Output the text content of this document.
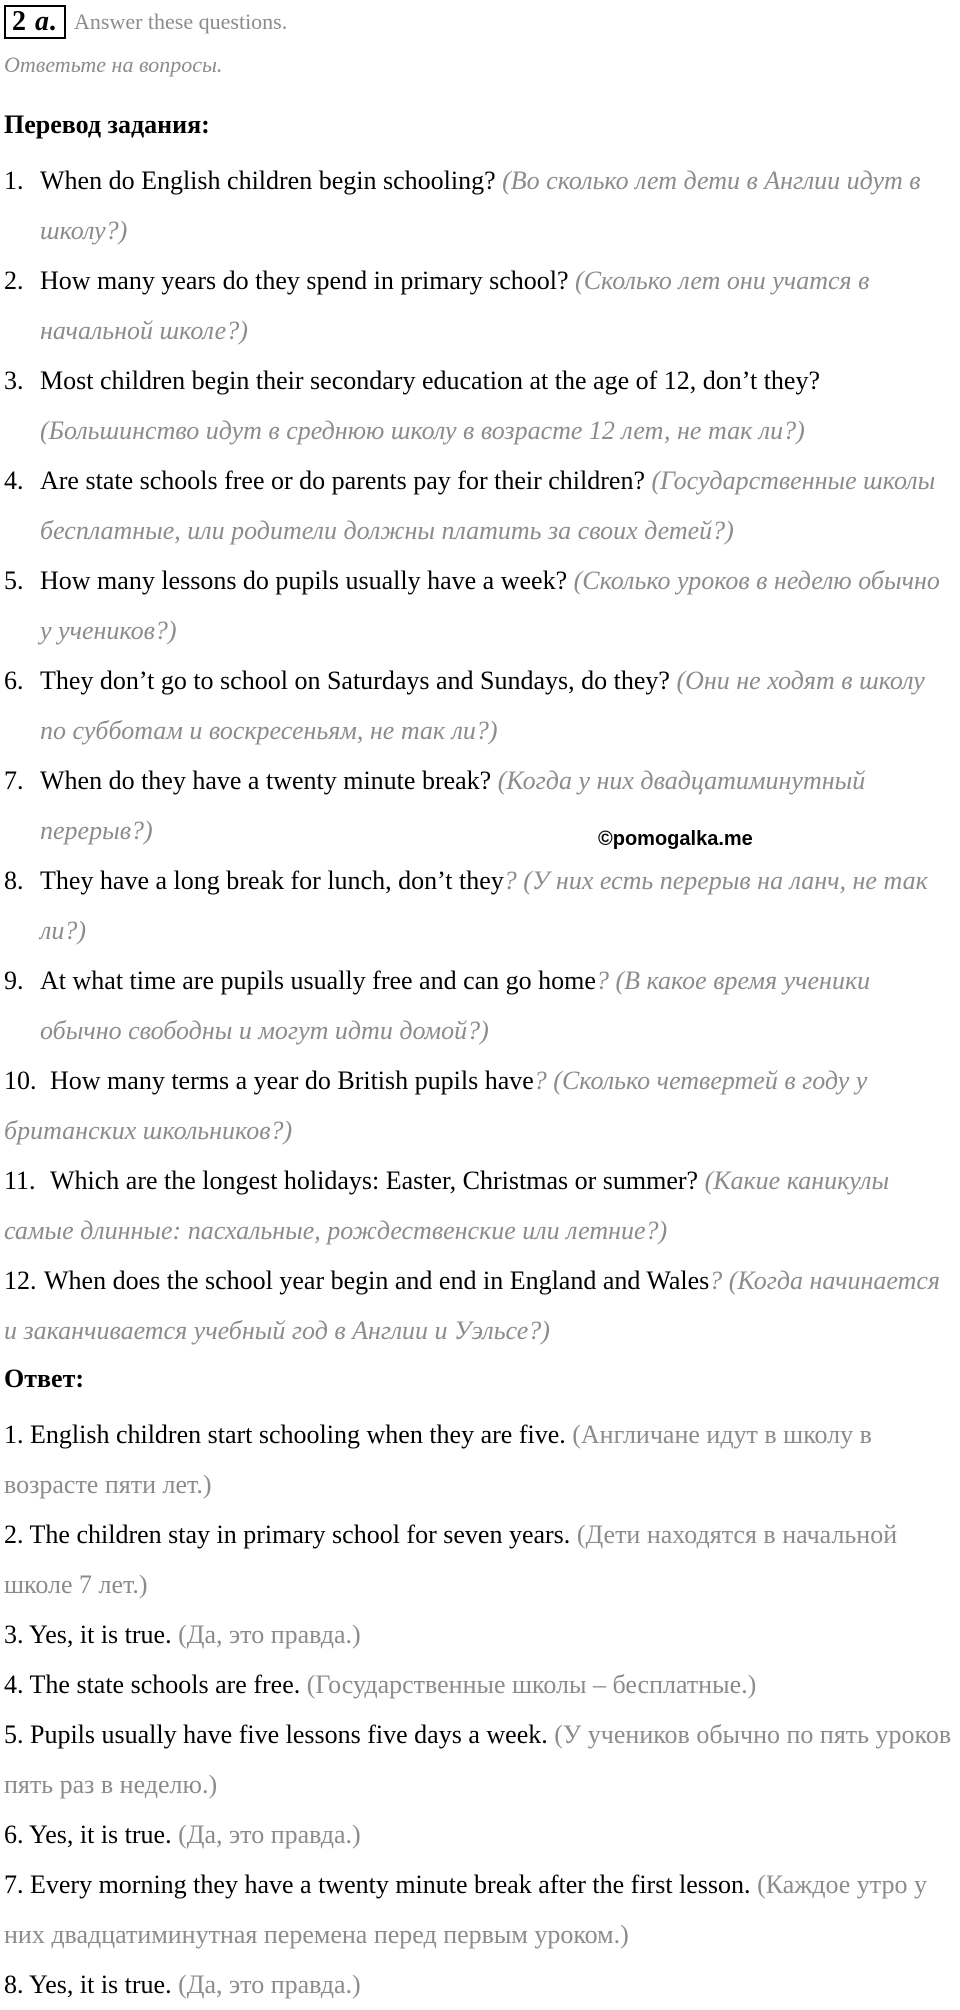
2 a. Answer these questions.
Ответьте на вопросы.
Перевод задания:
1. When do English children begin schooling? (Во сколько лет дети в Англии идут в школу?)
2. How many years do they spend in primary school? (Сколько лет они учатся в начальной школе?)
3. Most children begin their secondary education at the age of 12, don’t they? (Большинство идут в среднюю школу в возрасте 12 лет, не так ли?)
4. Are state schools free or do parents pay for their children? (Государственные школы бесплатные, или родители должны платить за своих детей?)
5. How many lessons do pupils usually have a week? (Сколько уроков в неделю обычно у учеников?)
6. They don’t go to school on Saturdays and Sundays, do they? (Они не ходят в школу по субботам и воскресеньям, не так ли?)
7. When do they have a twenty minute break? (Когда у них двадцатиминутный перерыв?)	©pomogalka.me
8. They have a long break for lunch, don’t they? (У них есть перерыв на ланч, не так ли?)
9. At what time are pupils usually free and can go home? (В какое время ученики обычно свободны и могут идти домой?)
10. How many terms a year do British pupils have? (Сколько четвертей в году у британских школьников?)
11. Which are the longest holidays: Easter, Christmas or summer? (Какие каникулы самые длинные: пасхальные, рождественские или летние?)
12. When does the school year begin and end in England and Wales? (Когда начинается и заканчивается учебный год в Англии и Уэльсе?)
Ответ:
1. English children start schooling when they are five. (Англичане идут в школу в возрасте пяти лет.)
2. The children stay in primary school for seven years. (Дети находятся в начальной школе 7 лет.)
3. Yes, it is true. (Да, это правда.)
4. The state schools are free. (Государственные школы – бесплатные.)
5. Pupils usually have five lessons five days a week. (У учеников обычно по пять уроков пять раз в неделю.)
6. Yes, it is true. (Да, это правда.)
7. Every morning they have a twenty minute break after the first lesson. (Каждое утро у них двадцатиминутная перемена перед первым уроком.)
8. Yes, it is true. (Да, это правда.)
